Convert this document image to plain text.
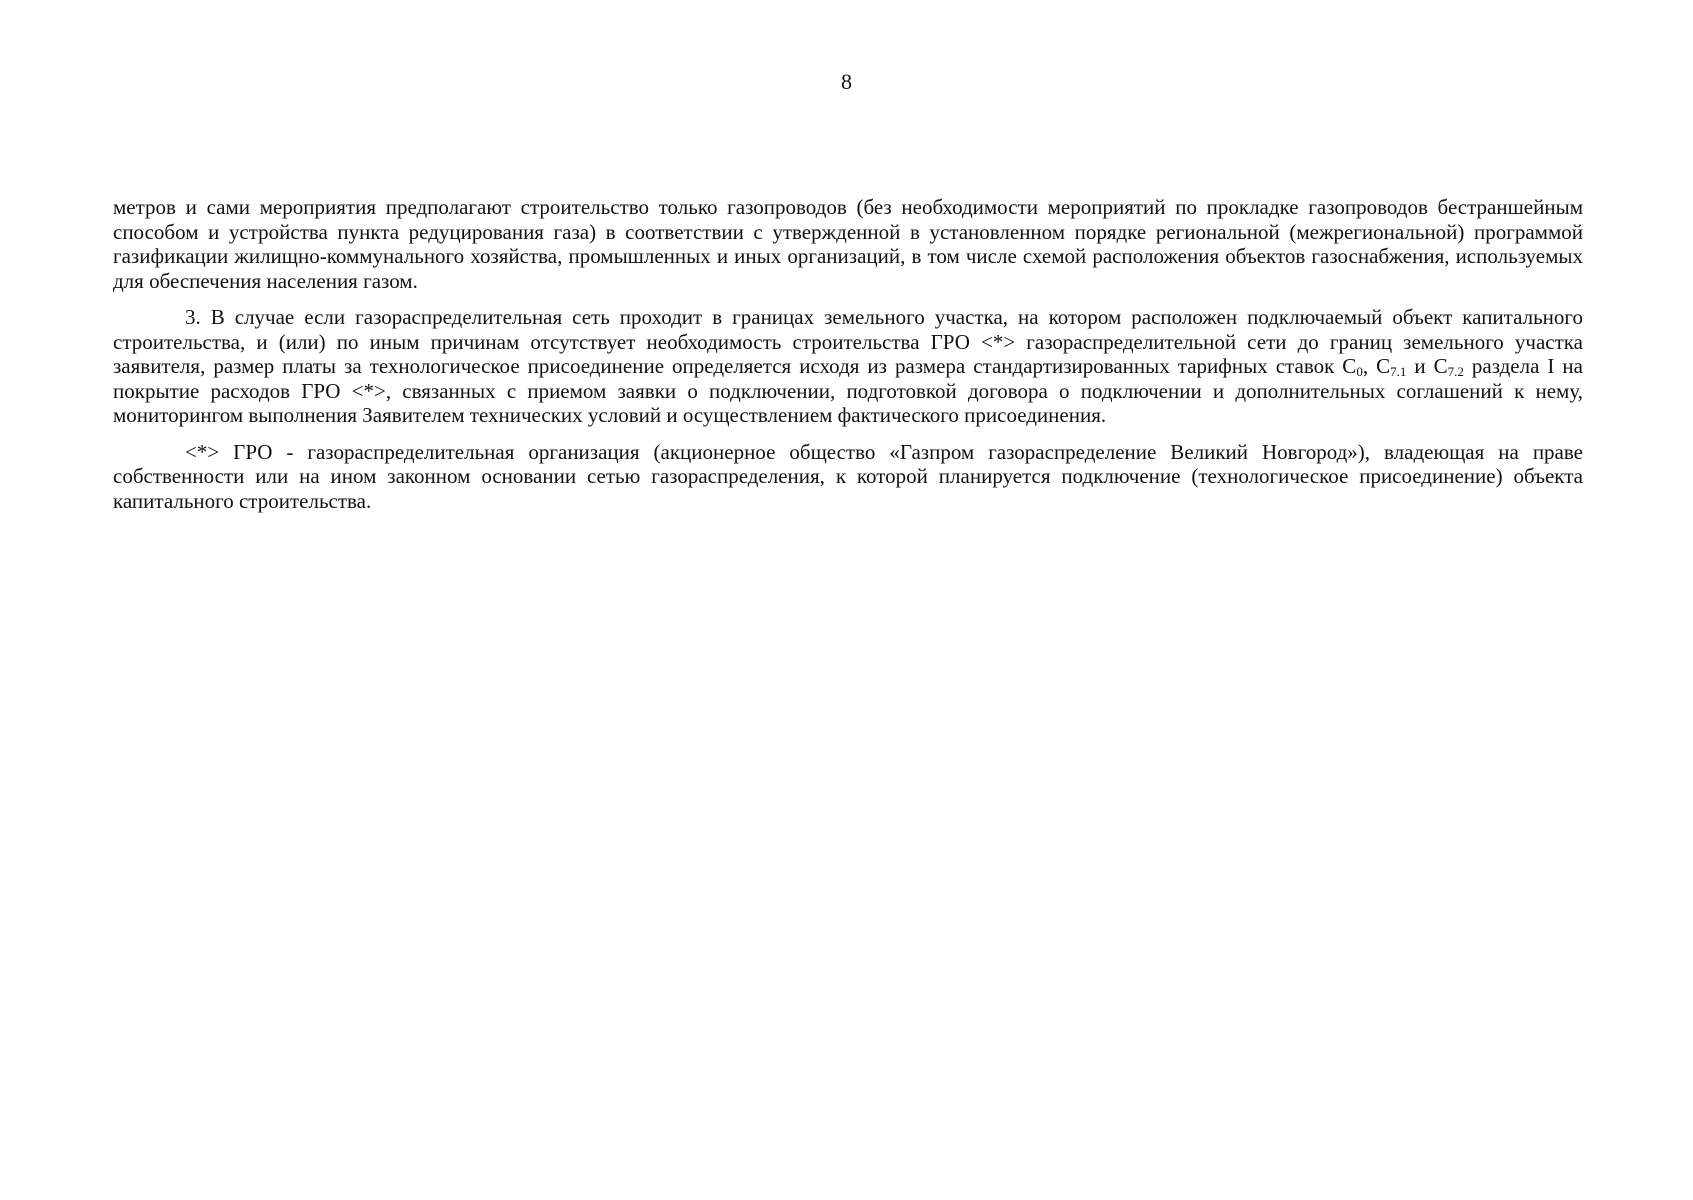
8

метров и сами мероприятия предполагают строительство только газопроводов (без необходимости мероприятий по прокладке газопроводов бестраншейным способом и устройства пункта редуцирования газа) в соответствии с утвержденной в установленном порядке региональной (межрегиональной) программой газификации жилищно-коммунального хозяйства, промышленных и иных организаций, в том числе схемой расположения объектов газоснабжения, используемых для обеспечения населения газом.

3. В случае если газораспределительная сеть проходит в границах земельного участка, на котором расположен подключаемый объект капитального строительства, и (или) по иным причинам отсутствует необходимость строительства ГРО <*> газораспределительной сети до границ земельного участка заявителя, размер платы за технологическое присоединение определяется исходя из размера стандартизированных тарифных ставок $C_0$, $C_{7.1}$ и $C_{7.2}$ раздела I на покрытие расходов ГРО <*>, связанных с приемом заявки о подключении, подготовкой договора о подключении и дополнительных соглашений к нему, мониторингом выполнения Заявителем технических условий и осуществлением фактического присоединения.

<*> ГРО - газораспределительная организация (акционерное общество «Газпром газораспределение Великий Новгород»), владеющая на праве собственности или на ином законном основании сетью газораспределения, к которой планируется подключение (технологическое присоединение) объекта капитального строительства.
